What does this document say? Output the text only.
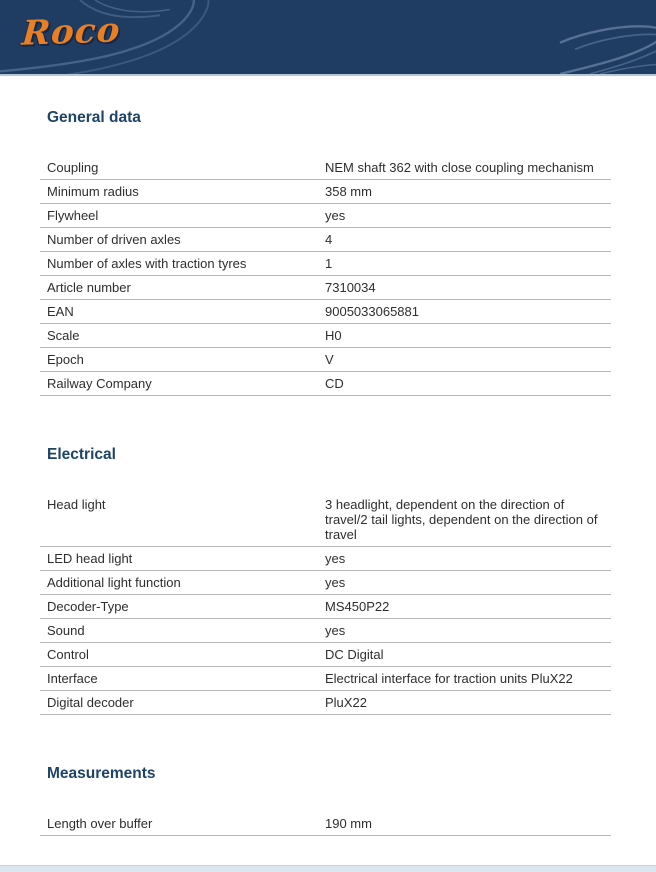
Roco
General data
Coupling	NEM shaft 362 with close coupling mechanism
Minimum radius	358 mm
Flywheel	yes
Number of driven axles	4
Number of axles with traction tyres	1
Article number	7310034
EAN	9005033065881
Scale	H0
Epoch	V
Railway Company	CD
Electrical
Head light	3 headlight, dependent on the direction of travel/2 tail lights, dependent on the direction of travel
LED head light	yes
Additional light function	yes
Decoder-Type	MS450P22
Sound	yes
Control	DC Digital
Interface	Electrical interface for traction units PluX22
Digital decoder	PluX22
Measurements
Length over buffer	190 mm
